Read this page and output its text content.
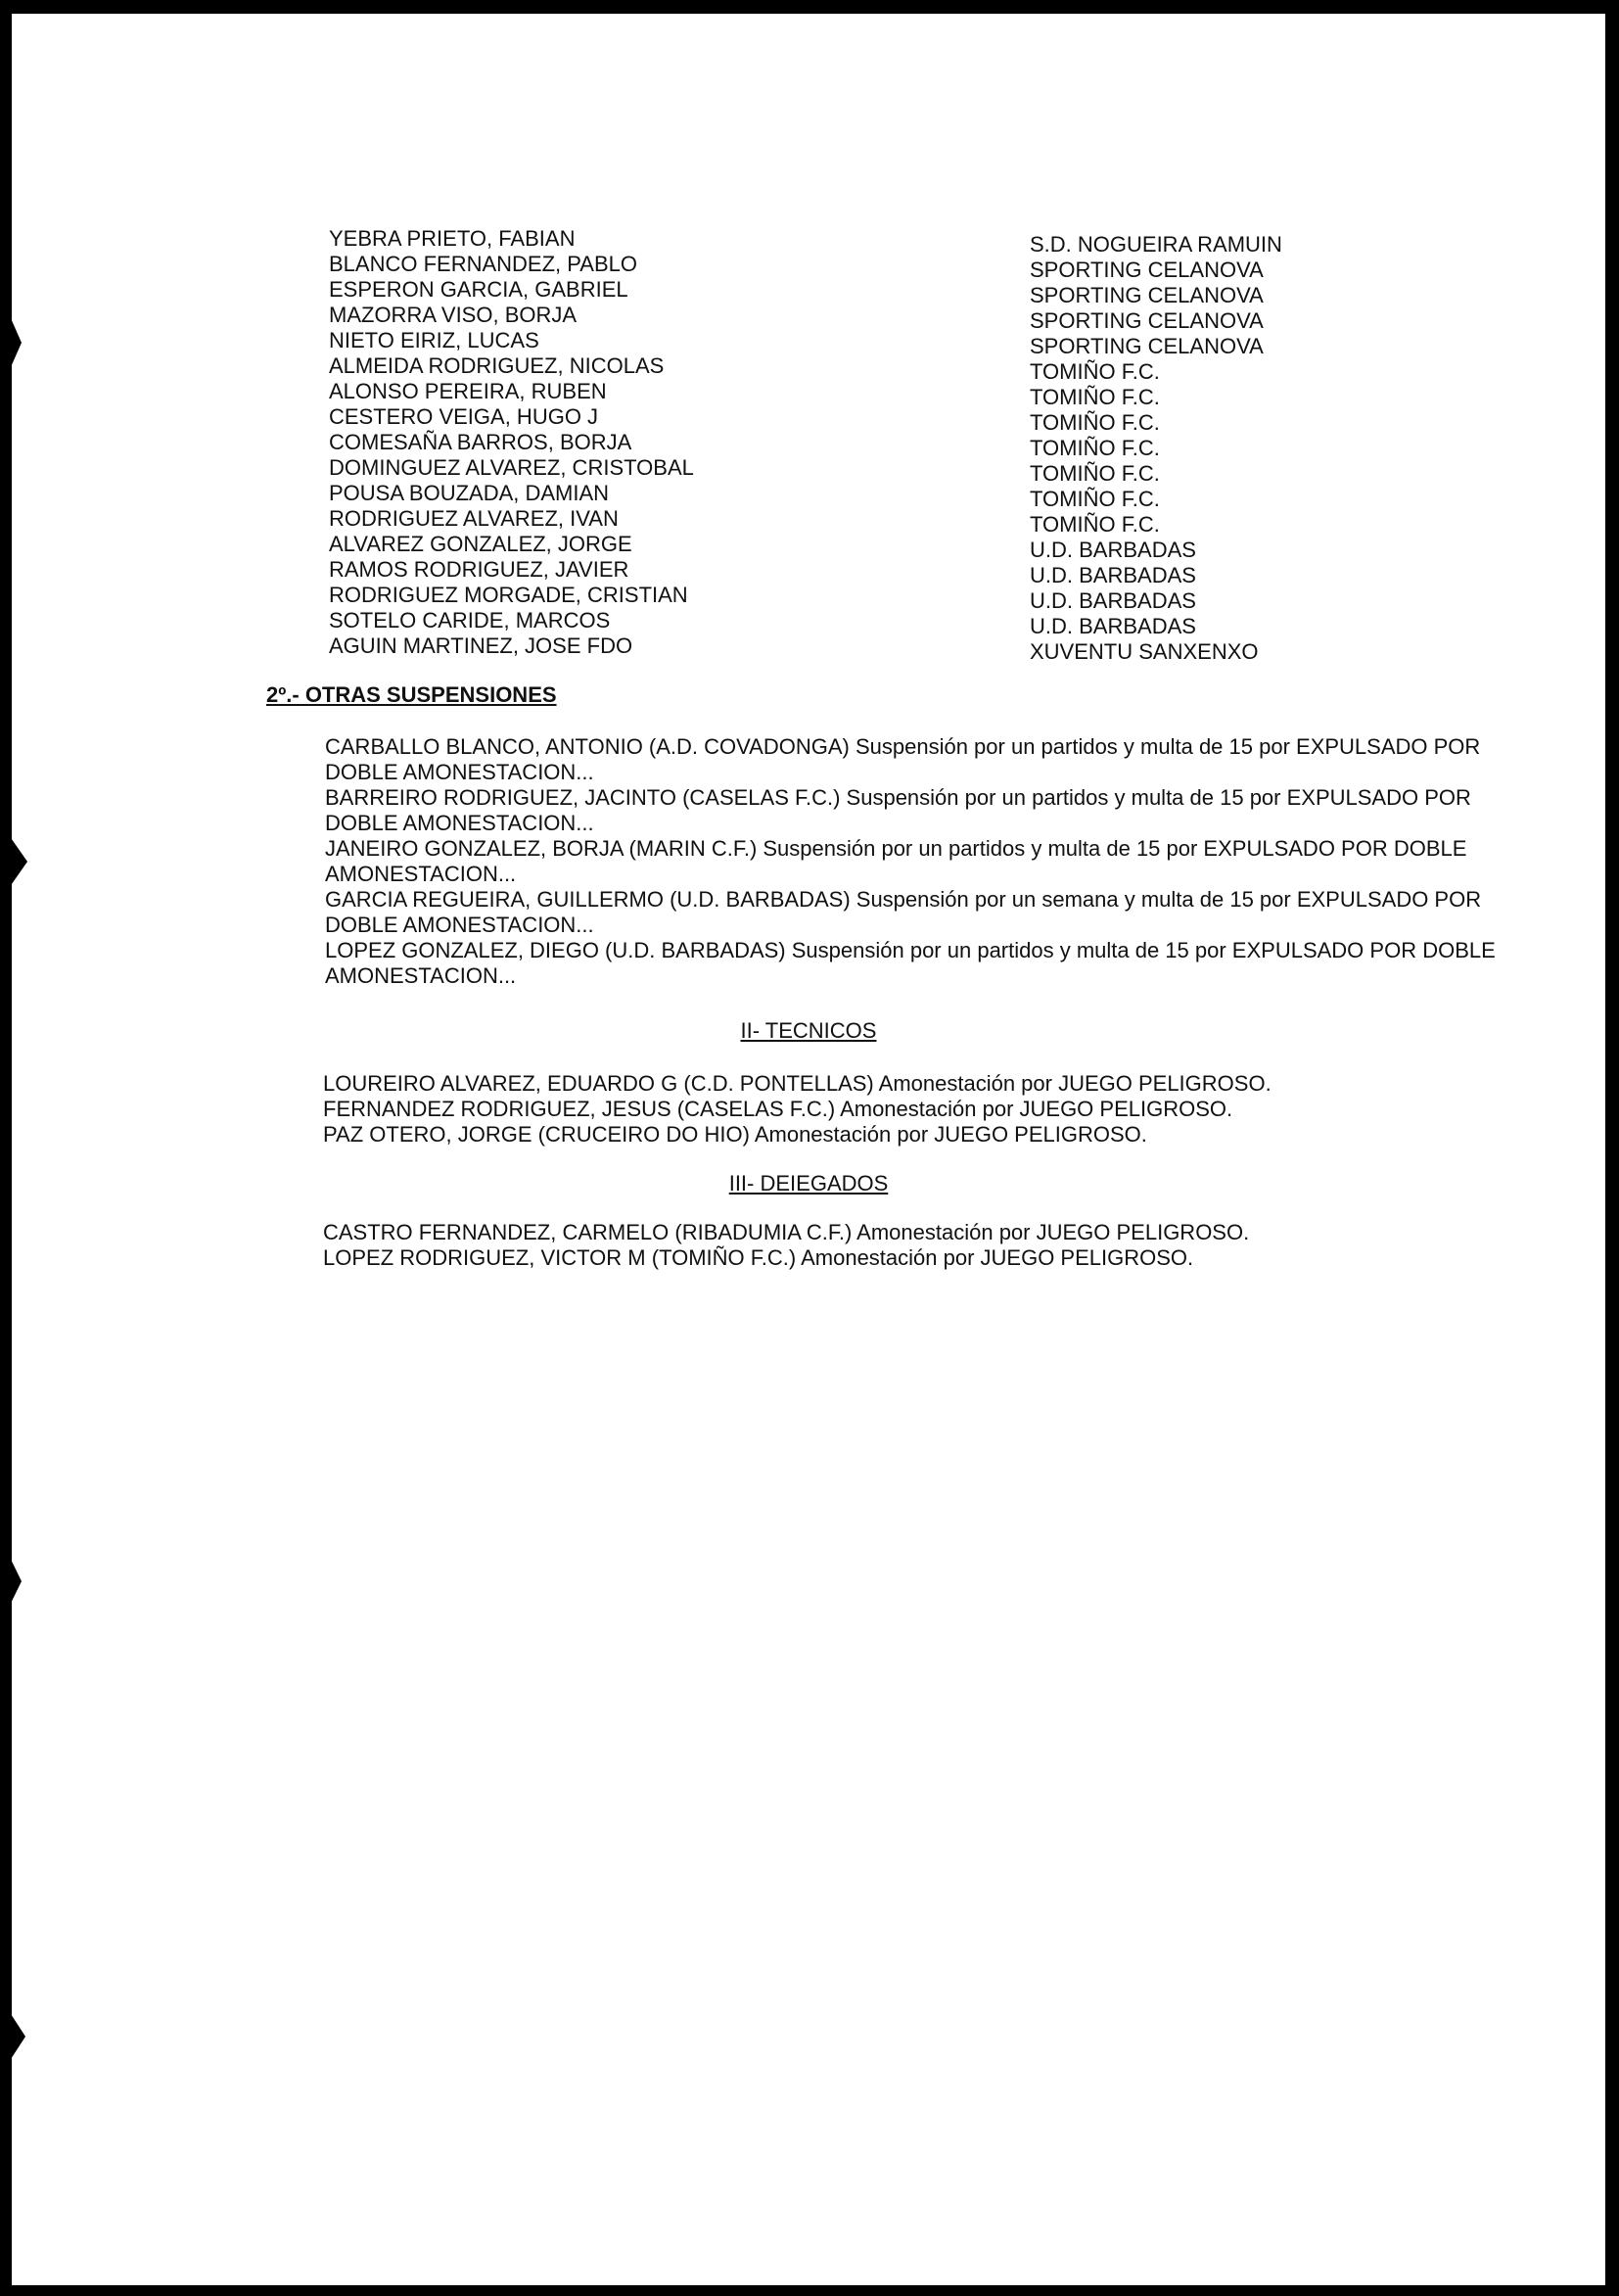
YEBRA PRIETO, FABIAN
BLANCO FERNANDEZ, PABLO
ESPERON GARCIA, GABRIEL
MAZORRA VISO, BORJA
NIETO EIRIZ, LUCAS
ALMEIDA RODRIGUEZ, NICOLAS
ALONSO PEREIRA, RUBEN
CESTERO VEIGA, HUGO J
COMESAÑA BARROS, BORJA
DOMINGUEZ ALVAREZ, CRISTOBAL
POUSA BOUZADA, DAMIAN
RODRIGUEZ ALVAREZ, IVAN
ALVAREZ GONZALEZ, JORGE
RAMOS RODRIGUEZ, JAVIER
RODRIGUEZ MORGADE, CRISTIAN
SOTELO CARIDE, MARCOS
AGUIN MARTINEZ, JOSE FDO
S.D. NOGUEIRA RAMUIN
SPORTING CELANOVA
SPORTING CELANOVA
SPORTING CELANOVA
SPORTING CELANOVA
TOMIÑO F.C.
TOMIÑO F.C.
TOMIÑO F.C.
TOMIÑO F.C.
TOMIÑO F.C.
TOMIÑO F.C.
TOMIÑO F.C.
U.D. BARBADAS
U.D. BARBADAS
U.D. BARBADAS
U.D. BARBADAS
XUVENTU SANXENXO
2º.- OTRAS SUSPENSIONES
CARBALLO BLANCO, ANTONIO (A.D. COVADONGA) Suspensión por un partidos y multa de 15 por EXPULSADO POR DOBLE AMONESTACION...
BARREIRO RODRIGUEZ, JACINTO (CASELAS F.C.) Suspensión por un partidos y multa de 15 por EXPULSADO POR DOBLE AMONESTACION...
JANEIRO GONZALEZ, BORJA (MARIN C.F.) Suspensión por un partidos y multa de 15 por EXPULSADO POR DOBLE AMONESTACION...
GARCIA REGUEIRA, GUILLERMO (U.D. BARBADAS) Suspensión por un semana y multa de 15 por EXPULSADO POR DOBLE AMONESTACION...
LOPEZ GONZALEZ, DIEGO (U.D. BARBADAS) Suspensión por un partidos y multa de 15 por EXPULSADO POR DOBLE AMONESTACION...
II- TECNICOS
LOUREIRO ALVAREZ, EDUARDO G (C.D. PONTELLAS) Amonestación por JUEGO PELIGROSO.
FERNANDEZ RODRIGUEZ, JESUS (CASELAS F.C.) Amonestación por JUEGO PELIGROSO.
PAZ OTERO, JORGE (CRUCEIRO DO HIO) Amonestación por JUEGO PELIGROSO.
III- DEIEGADOS
CASTRO FERNANDEZ, CARMELO (RIBADUMIA C.F.) Amonestación por JUEGO PELIGROSO.
LOPEZ RODRIGUEZ, VICTOR M (TOMIÑO F.C.) Amonestación por JUEGO PELIGROSO.
